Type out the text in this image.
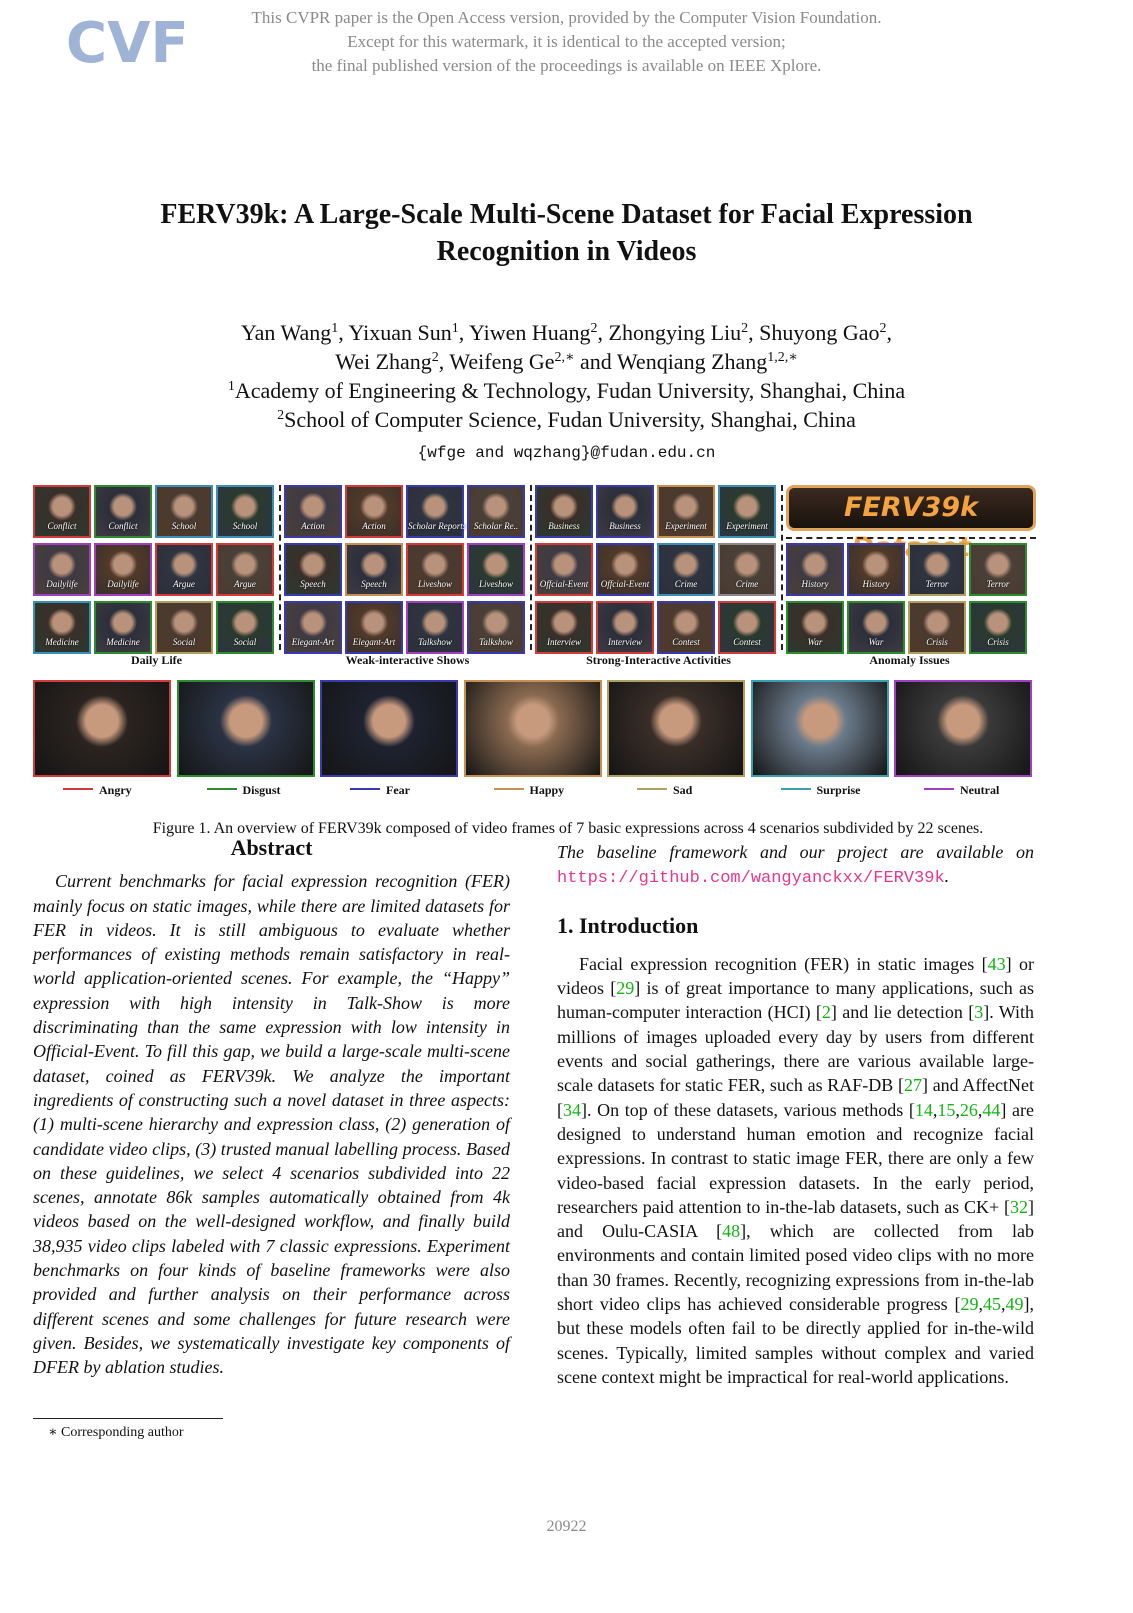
This CVPR paper is the Open Access version, provided by the Computer Vision Foundation.
Except for this watermark, it is identical to the accepted version;
the final published version of the proceedings is available on IEEE Xplore.
CVF
FERV39k: A Large-Scale Multi-Scene Dataset for Facial Expression
Recognition in Videos
Yan Wang$^1$, Yixuan Sun$^1$, Yiwen Huang$^2$, Zhongying Liu$^2$, Shuyong Gao$^2$,
Wei Zhang$^2$, Weifeng $Ge^{2,∗}$ and Wenqiang Zhang$^{1,2,∗}$
$^1$Academy of Engineering & Technology, Fudan University, Shanghai, China
$^2$School of Computer Science, Fudan University, Shanghai, China
{wfge and wqzhang}@fudan.edu.cn
FERV39k
Angry	Disgust	Fear	Happy	Sad	Surprise	Neutral
Conflict	Conflict	School	School
Dailylife	Dailylife	Argue	Argue
Medicine	Medicine	Social	Social
Daily Life
Action	Action	Scholar Reports Scholar Re..
Speech	Speech	Liveshow	Liveshow
Elegant-Art	Elegant-Art	Talkshow	Talkshow
Weak-interactive Shows
Business	Business	Experiment	Experiment
Offcial-Event	Offcial-Event	Crime	Crime
Interview	Interview	Contest	Contest
Strong-Interactive Activities
History	History	Terror	Terror
War	War	Crisis	Crisis
Anomaly Issues
Figure 1. An overview of FERV39k composed of video frames of 7 basic expressions across 4 scenarios subdivided by 22 scenes.
Abstract

Current benchmarks for facial expression recognition (FER) mainly focus on static images, while there are limited datasets for FER in videos. It is still ambiguous to evaluate whether performances of existing methods remain satisfactory in real-world application-oriented scenes. For example, the “Happy” expression with high intensity in Talk-Show is more discriminating than the same expression with low intensity in Official-Event. To fill this gap, we build a large-scale multi-scene dataset, coined as FERV39k. We analyze the important ingredients of constructing such a novel dataset in three aspects: (1) multi-scene hierarchy and expression class, (2) generation of candidate video clips, (3) trusted manual labelling process. Based on these guidelines, we select 4 scenarios subdivided into 22 scenes, annotate 86k samples automatically obtained from 4k videos based on the well-designed workflow, and finally build 38,935 video clips labeled with 7 classic expressions. Experiment benchmarks on four kinds of baseline frameworks were also provided and further analysis on their performance across different scenes and some challenges for future research were given. Besides, we systematically investigate key components of DFER by ablation studies.

The baseline framework and our project are available on https://github.com/wangyanckxx/FERV39k.

1. Introduction

Facial expression recognition (FER) in static images [43] or videos [29] is of great importance to many applications, such as human-computer interaction (HCI) [2] and lie detection [3]. With millions of images uploaded every day by users from different events and social gatherings, there are various available large-scale datasets for static FER, such as RAF-DB [27] and AffectNet [34]. On top of these datasets, various methods [14,15,26,44] are designed to understand human emotion and recognize facial expressions. In contrast to static image FER, there are only a few video-based facial expression datasets. In the early period, researchers paid attention to in-the-lab datasets, such as CK+ [32] and Oulu-CASIA [48], which are collected from lab environments and contain limited posed video clips with no more than 30 frames. Recently, recognizing expressions from in-the-lab short video clips has achieved considerable progress [29,45,49], but these models often fail to be directly applied for in-the-wild scenes. Typically, limited samples without complex and varied scene context might be impractical for real-world applications.

∗ Corresponding author
20922
